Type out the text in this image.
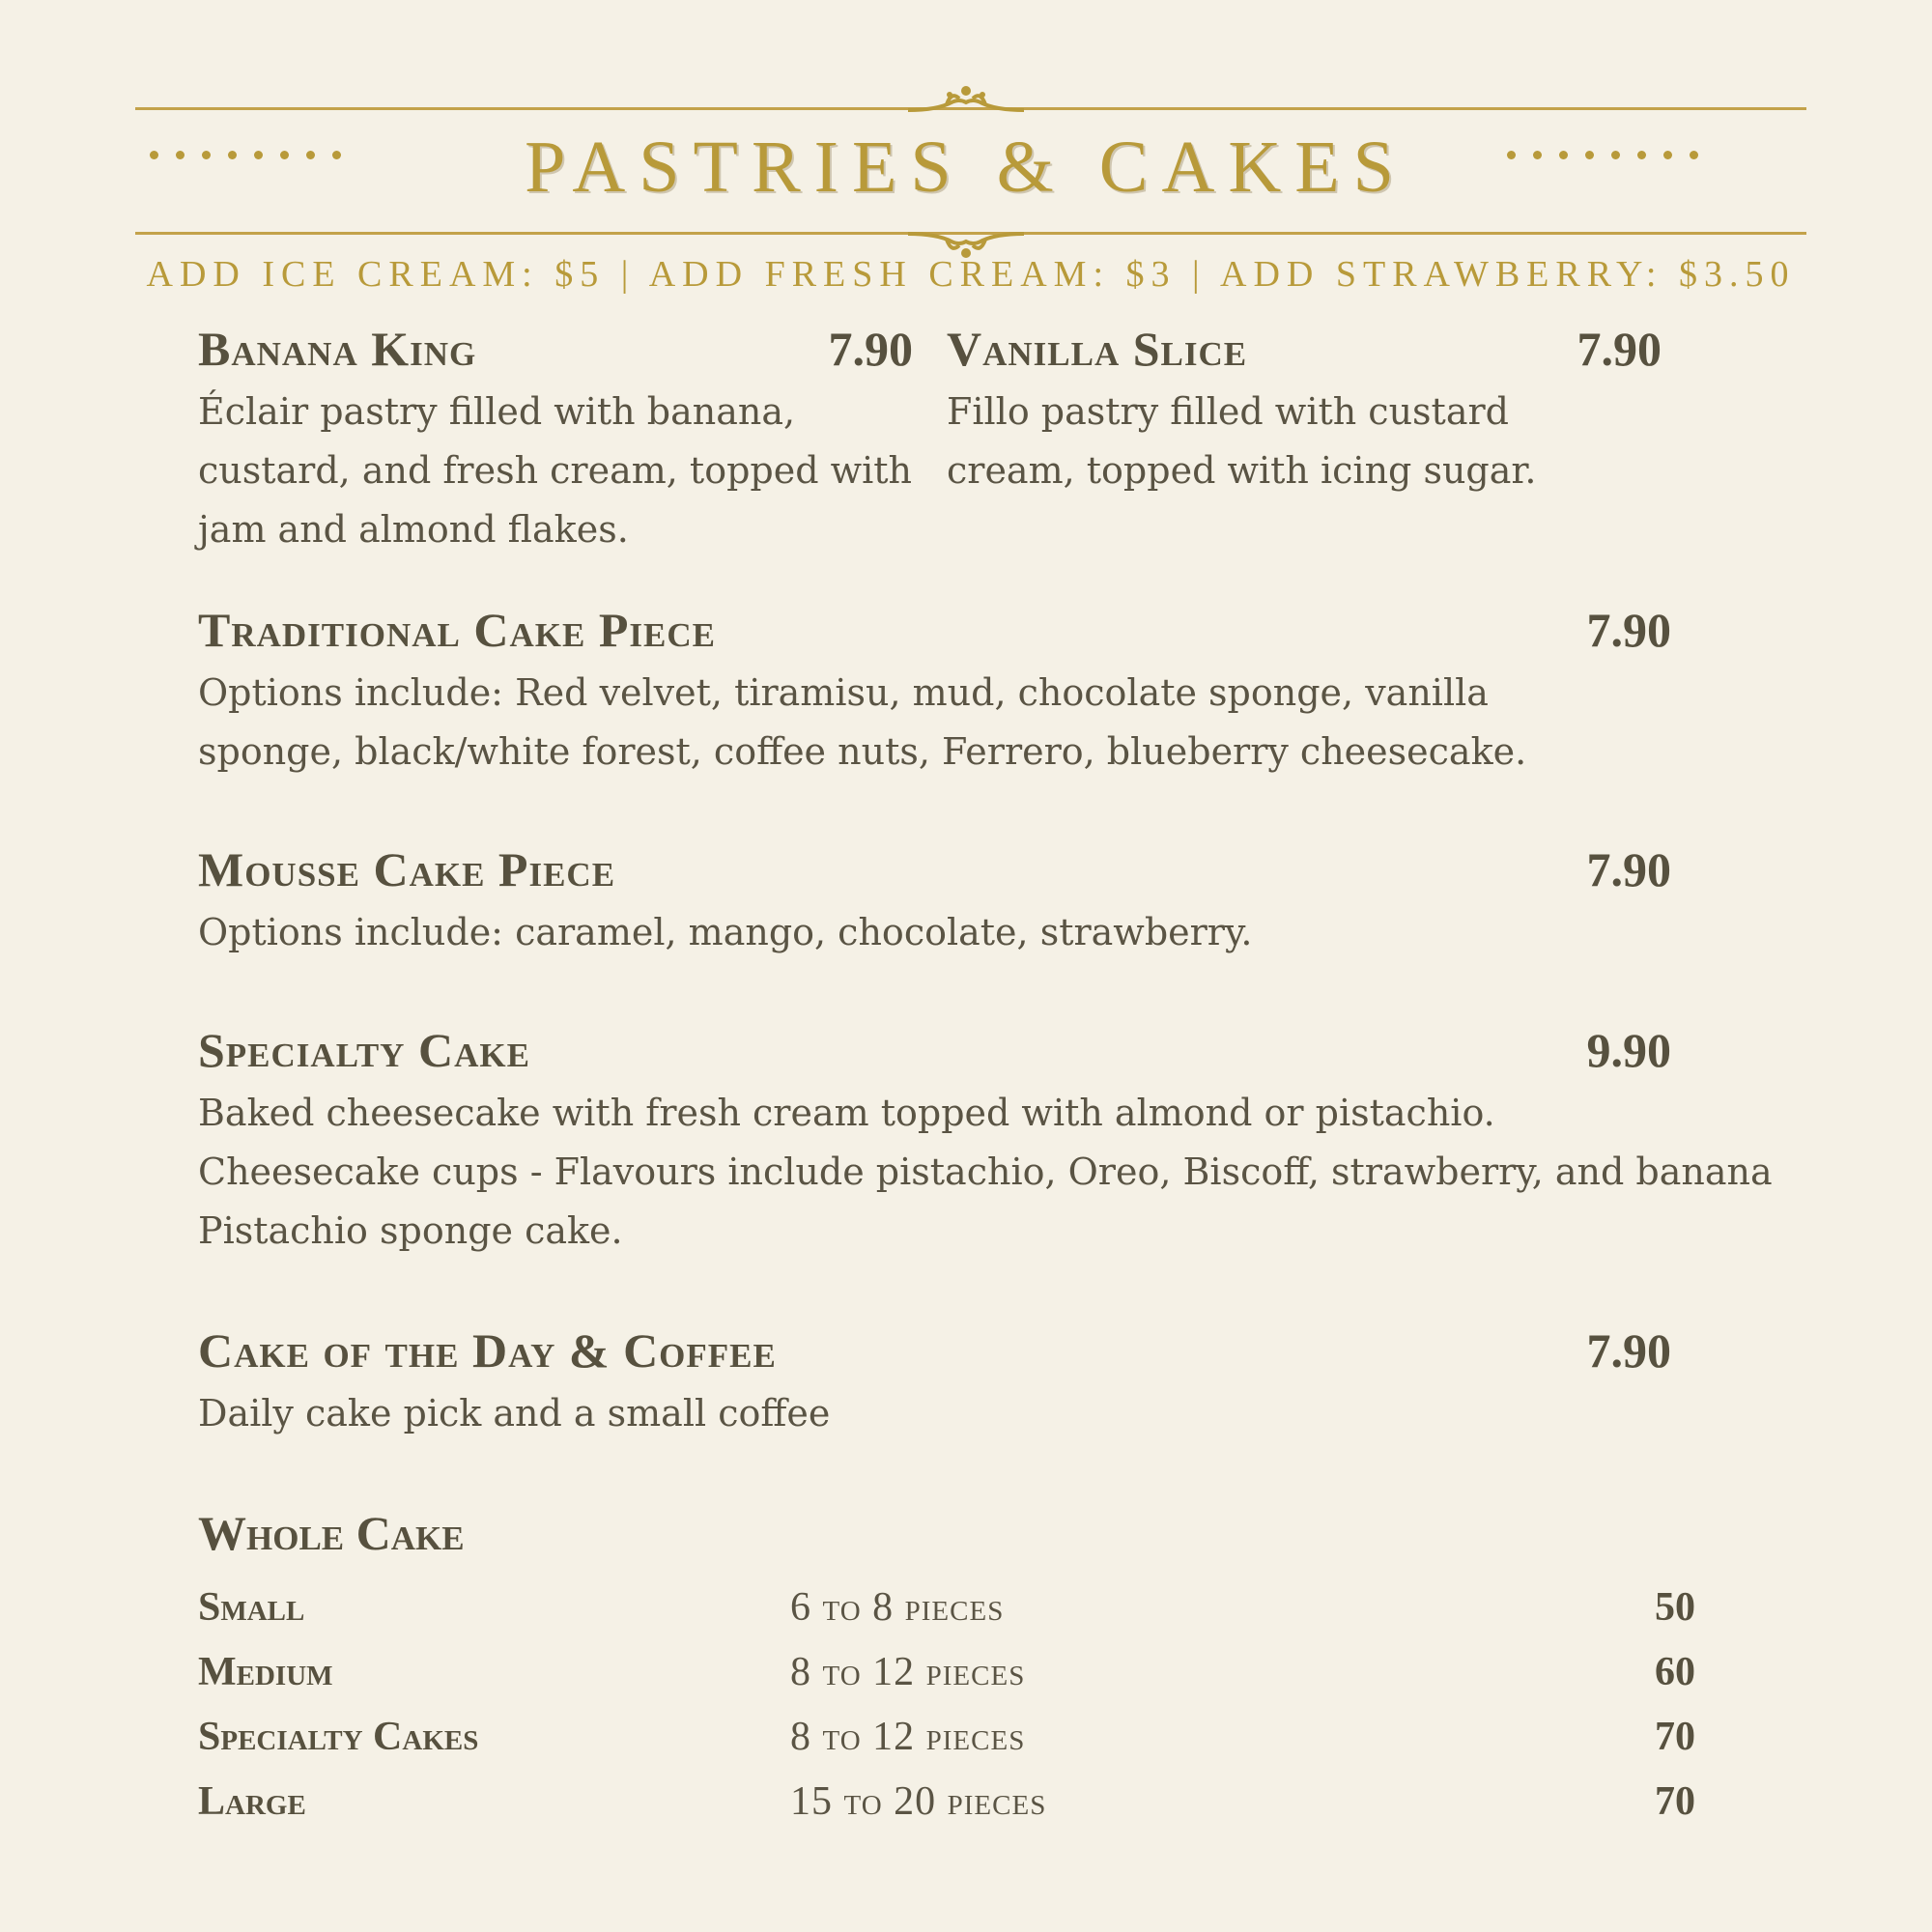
PASTRIES & CAKES
ADD ICE CREAM: $5 | ADD FRESH CREAM: $3 | ADD STRAWBERRY: $3.50
Banana King	7.90
Éclair pastry filled with banana, custard, and fresh cream, topped with jam and almond flakes.
Vanilla Slice	7.90
Fillo pastry filled with custard cream, topped with icing sugar.
Traditional Cake Piece	7.90
Options include: Red velvet, tiramisu, mud, chocolate sponge, vanilla sponge, black/white forest, coffee nuts, Ferrero, blueberry cheesecake.
Mousse Cake Piece	7.90
Options include: caramel, mango, chocolate, strawberry.
Specialty Cake	9.90
Baked cheesecake with fresh cream topped with almond or pistachio.
Cheesecake cups - Flavours include pistachio, Oreo, Biscoff, strawberry, and banana
Pistachio sponge cake.
Cake of the Day & Coffee	7.90
Daily cake pick and a small coffee
Whole Cake
Small	6 to 8 pieces	50
Medium	8 to 12 pieces	60
Specialty Cakes	8 to 12 pieces	70
Large	15 to 20 pieces	70
